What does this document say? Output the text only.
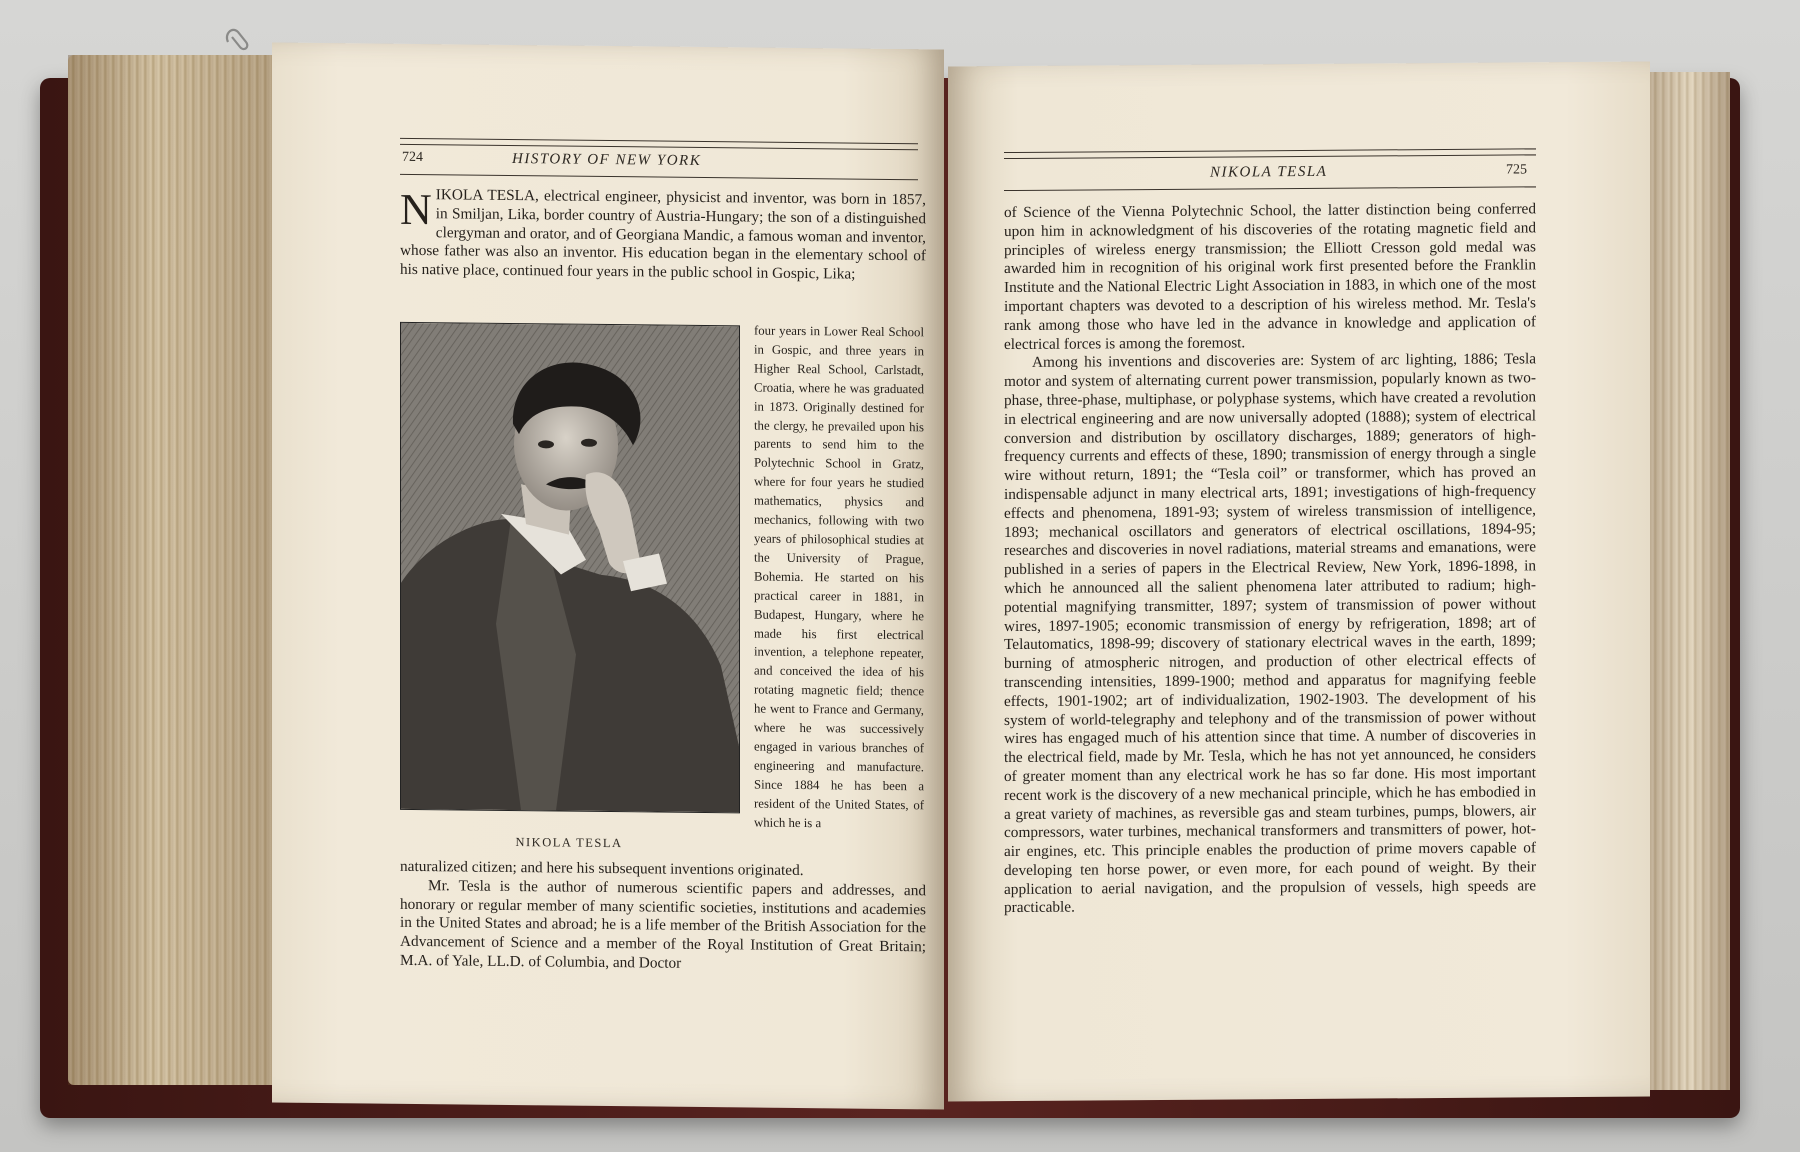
724	HISTORY OF NEW YORK
NIKOLA TESLA, electrical engineer, physicist and inventor, was born in 1857, in Smiljan, Lika, border country of Austria-Hungary; the son of a distinguished clergyman and orator, and of Georgiana Mandic, a famous woman and inventor, whose father was also an inventor. His education began in the elementary school of his native place, continued four years in the public school in Gospic, Lika;
NIKOLA TESLA
four years in Lower Real School in Gospic, and three years in Higher Real School, Carlstadt, Croatia, where he was graduated in 1873. Originally destined for the clergy, he prevailed upon his parents to send him to the Polytechnic School in Gratz, where for four years he studied mathematics, physics and mechanics, following with two years of philosophical studies at the University of Prague, Bohemia. He started on his practical career in 1881, in Budapest, Hungary, where he made his first electrical invention, a telephone repeater, and conceived the idea of his rotating magnetic field; thence he went to France and Germany, where he was successively engaged in various branches of engineering and manufacture. Since 1884 he has been a resident of the United States, of which he is a

naturalized citizen; and here his subsequent inventions originated.

Mr. Tesla is the author of numerous scientific papers and addresses, and honorary or regular member of many scientific societies, institutions and academies in the United States and abroad; he is a life member of the British Association for the Advancement of Science and a member of the Royal Institution of Great Britain; M.A. of Yale, LL.D. of Columbia, and Doctor

NIKOLA TESLA	725

of Science of the Vienna Polytechnic School, the latter distinction being conferred upon him in acknowledgment of his discoveries of the rotating magnetic field and principles of wireless energy transmission; the Elliott Cresson gold medal was awarded him in recognition of his original work first presented before the Franklin Institute and the National Electric Light Association in 1883, in which one of the most important chapters was devoted to a description of his wireless method. Mr. Tesla's rank among those who have led in the advance in knowledge and application of electrical forces is among the foremost.

Among his inventions and discoveries are: System of arc lighting, 1886; Tesla motor and system of alternating current power transmission, popularly known as two-phase, three-phase, multiphase, or polyphase systems, which have created a revolution in electrical engineering and are now universally adopted (1888); system of electrical conversion and distribution by oscillatory discharges, 1889; generators of high-frequency currents and effects of these, 1890; transmission of energy through a single wire without return, 1891; the “Tesla coil” or transformer, which has proved an indispensable adjunct in many electrical arts, 1891; investigations of high-frequency effects and phenomena, 1891-93; system of wireless transmission of intelligence, 1893; mechanical oscillators and generators of electrical oscillations, 1894-95; researches and discoveries in novel radiations, material streams and emanations, were published in a series of papers in the Electrical Review, New York, 1896-1898, in which he announced all the salient phenomena later attributed to radium; high-potential magnifying transmitter, 1897; system of transmission of power without wires, 1897-1905; economic transmission of energy by refrigeration, 1898; art of Telautomatics, 1898-99; discovery of stationary electrical waves in the earth, 1899; burning of atmospheric nitrogen, and production of other electrical effects of transcending intensities, 1899-1900; method and apparatus for magnifying feeble effects, 1901-1902; art of individualization, 1902-1903. The development of his system of world-telegraphy and telephony and of the transmission of power without wires has engaged much of his attention since that time. A number of discoveries in the electrical field, made by Mr. Tesla, which he has not yet announced, he considers of greater moment than any electrical work he has so far done. His most important recent work is the discovery of a new mechanical principle, which he has embodied in a great variety of machines, as reversible gas and steam turbines, pumps, blowers, air compressors, water turbines, mechanical transformers and transmitters of power, hot-air engines, etc. This principle enables the production of prime movers capable of developing ten horse power, or even more, for each pound of weight. By their application to aerial navigation, and the propulsion of vessels, high speeds are practicable.
